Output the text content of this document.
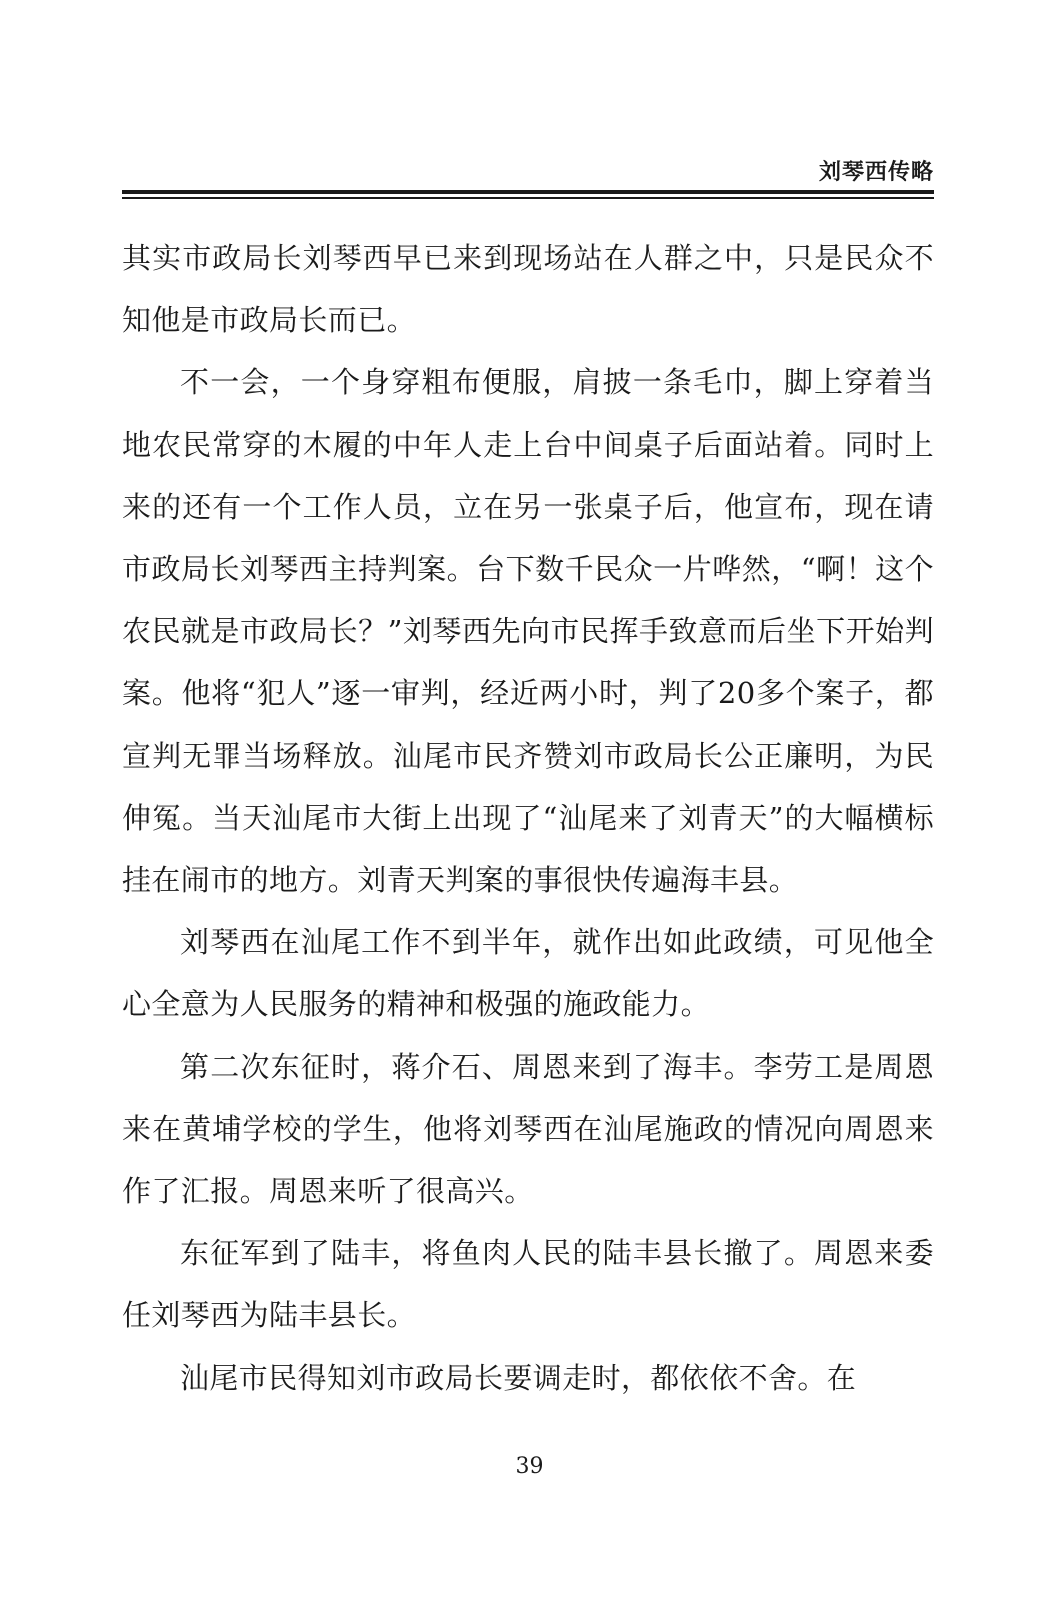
刘琴西传略

其实市政局长刘琴西早已来到现场站在人群之中，只是民众不知他是市政局长而已。

不一会，一个身穿粗布便服，肩披一条毛巾，脚上穿着当地农民常穿的木履的中年人走上台中间桌子后面站着。同时上来的还有一个工作人员，立在另一张桌子后，他宣布，现在请市政局长刘琴西主持判案。台下数千民众一片哗然，“啊！这个农民就是市政局长？”刘琴西先向市民挥手致意而后坐下开始判案。他将“犯人”逐一审判，经近两小时，判了20多个案子，都宣判无罪当场释放。汕尾市民齐赞刘市政局长公正廉明，为民伸冤。当天汕尾市大街上出现了“汕尾来了刘青天”的大幅横标挂在闹市的地方。刘青天判案的事很快传遍海丰县。

刘琴西在汕尾工作不到半年，就作出如此政绩，可见他全心全意为人民服务的精神和极强的施政能力。

第二次东征时，蒋介石、周恩来到了海丰。李劳工是周恩来在黄埔学校的学生，他将刘琴西在汕尾施政的情况向周恩来作了汇报。周恩来听了很高兴。

东征军到了陆丰，将鱼肉人民的陆丰县长撤了。周恩来委任刘琴西为陆丰县长。

汕尾市民得知刘市政局长要调走时，都依依不舍。在

39
